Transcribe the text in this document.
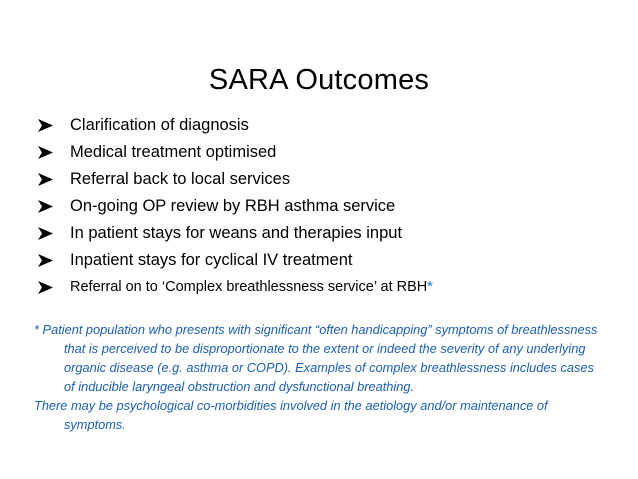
SARA Outcomes
Clarification of diagnosis
Medical treatment optimised
Referral back to local services
On-going OP review by RBH asthma service
In patient stays for weans and therapies input
Inpatient stays for cyclical IV treatment
Referral on to ‘Complex breathlessness service’ at RBH*

* Patient population who presents with significant “often handicapping” symptoms of breathlessness that is perceived to be disproportionate to the extent or indeed the severity of any underlying organic disease (e.g. asthma or COPD). Examples of complex breathlessness includes cases of inducible laryngeal obstruction and dysfunctional breathing.

There may be psychological co-morbidities involved in the aetiology and/or maintenance of symptoms.
